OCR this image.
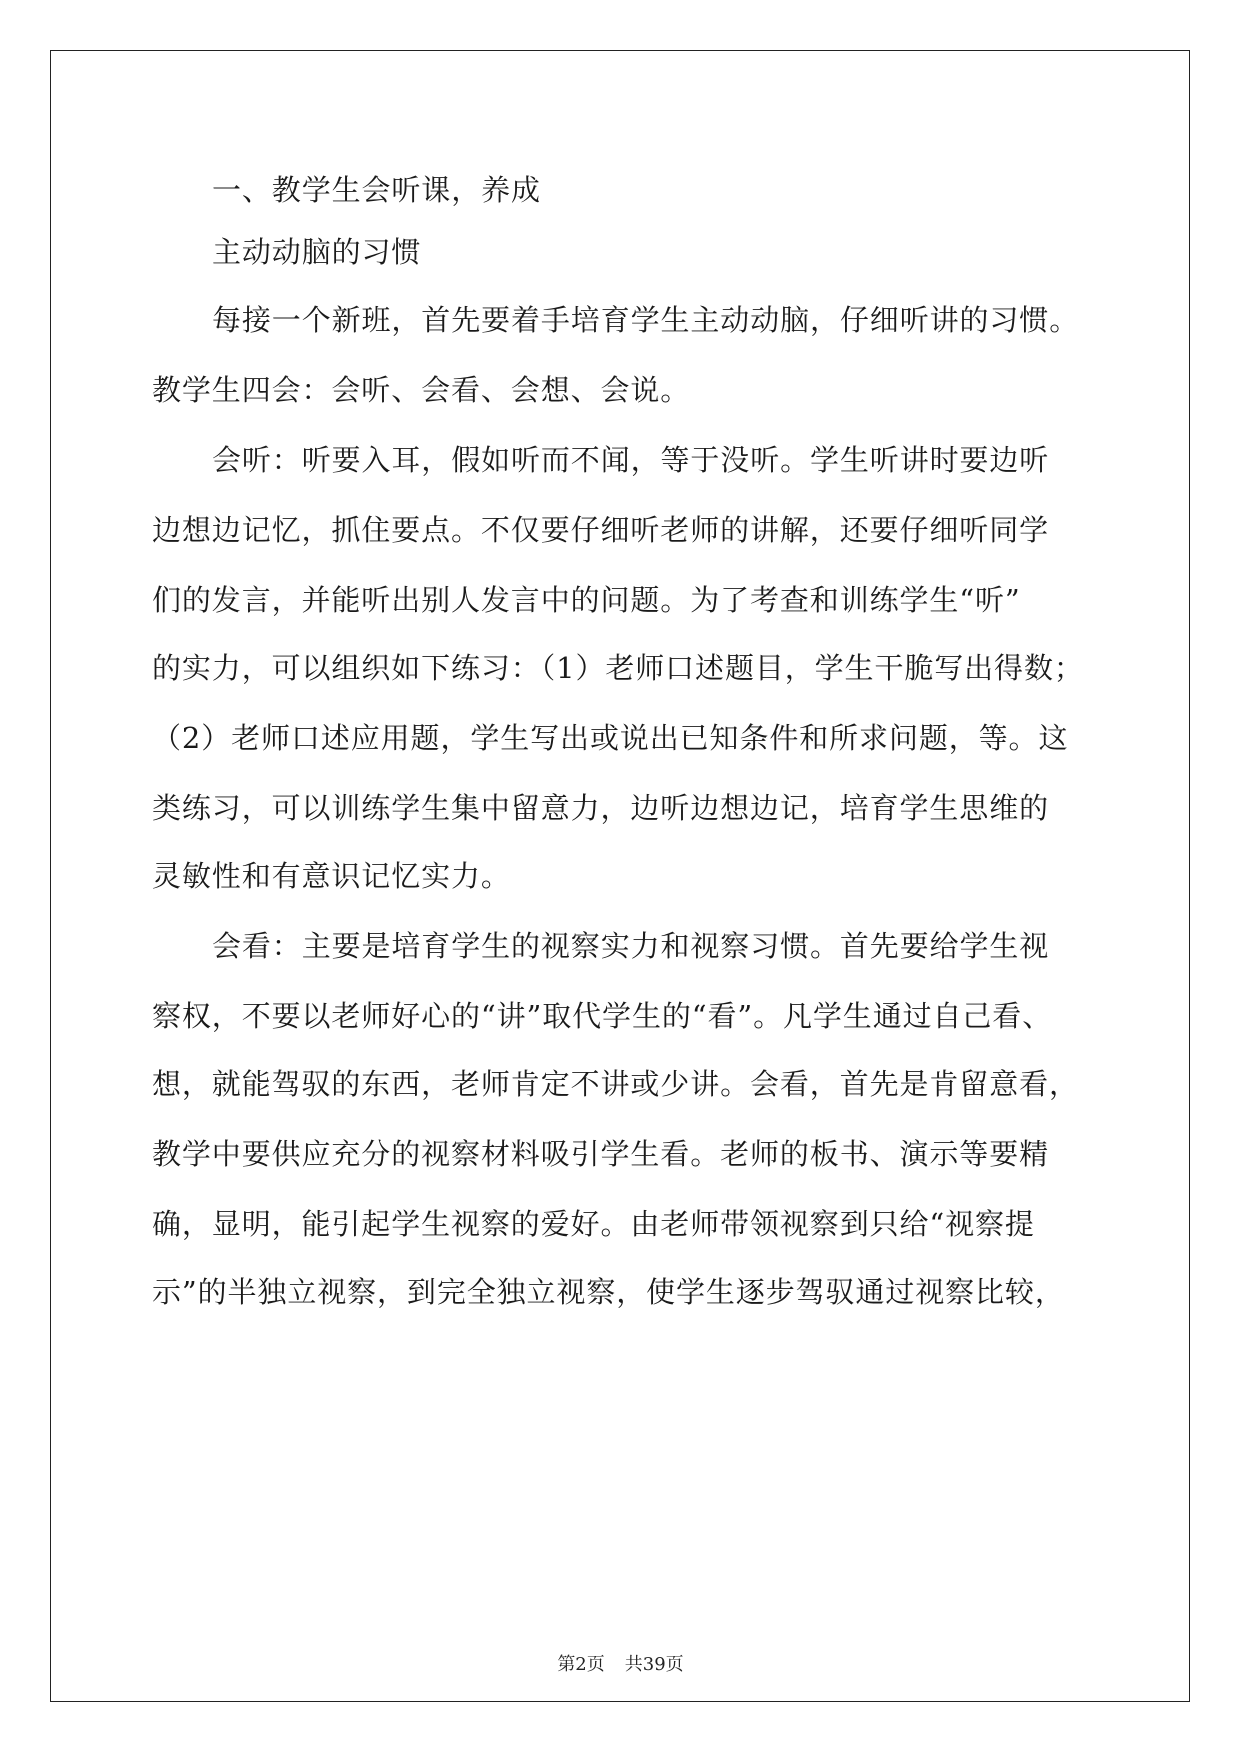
一、教学生会听课，养成
主动动脑的习惯
每接一个新班，首先要着手培育学生主动动脑，仔细听讲的习惯。
教学生四会：会听、会看、会想、会说。
会听：听要入耳，假如听而不闻，等于没听。学生听讲时要边听
边想边记忆，抓住要点。不仅要仔细听老师的讲解，还要仔细听同学
们的发言，并能听出别人发言中的问题。为了考查和训练学生“听”
的实力，可以组织如下练习：（1）老师口述题目，学生干脆写出得数；
（2）老师口述应用题，学生写出或说出已知条件和所求问题，等。这
类练习，可以训练学生集中留意力，边听边想边记，培育学生思维的
灵敏性和有意识记忆实力。
会看：主要是培育学生的视察实力和视察习惯。首先要给学生视
察权，不要以老师好心的“讲”取代学生的“看”。凡学生通过自己看、
想，就能驾驭的东西，老师肯定不讲或少讲。会看，首先是肯留意看，
教学中要供应充分的视察材料吸引学生看。老师的板书、演示等要精
确，显明，能引起学生视察的爱好。由老师带领视察到只给“视察提
示”的半独立视察，到完全独立视察，使学生逐步驾驭通过视察比较，
第2页 共39页
